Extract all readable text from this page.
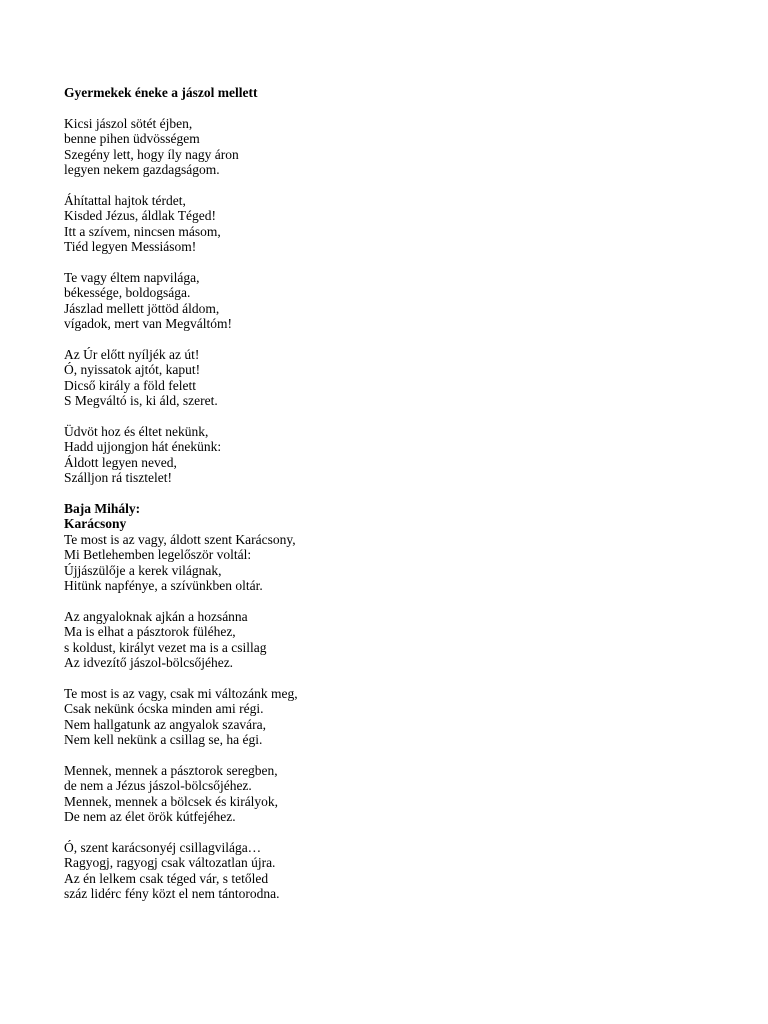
Gyermekek éneke a jászol mellett
Kicsi jászol sötét éjben,
benne pihen üdvösségem
Szegény lett, hogy íly nagy áron
legyen nekem gazdagságom.
Áhítattal hajtok térdet,
Kisded Jézus, áldlak Téged!
Itt a szívem, nincsen másom,
Tiéd legyen Messiásom!
Te vagy éltem napvilága,
békessége, boldogsága.
Jászlad mellett jöttöd áldom,
vígadok, mert van Megváltóm!
Az Úr előtt nyíljék az út!
Ó, nyissatok ajtót, kaput!
Dicső király a föld felett
S Megváltó is, ki áld, szeret.
Üdvöt hoz és éltet nekünk,
Hadd ujjongjon hát énekünk:
Áldott legyen neved,
Szálljon rá tisztelet!
Baja Mihály:
Karácsony
Te most is az vagy, áldott szent Karácsony,
Mi Betlehemben legelőször voltál:
Újjászülője a kerek világnak,
Hitünk napfénye, a szívünkben oltár.
Az angyaloknak ajkán a hozsánna
Ma is elhat a pásztorok füléhez,
s koldust, királyt vezet ma is a csillag
Az idvezítő jászol-bölcsőjéhez.
Te most is az vagy, csak mi változánk meg,
Csak nekünk ócska minden ami régi.
Nem hallgatunk az angyalok szavára,
Nem kell nekünk a csillag se, ha égi.
Mennek, mennek a pásztorok seregben,
de nem a Jézus jászol-bölcsőjéhez.
Mennek, mennek a bölcsek és királyok,
De nem az élet örök kútfejéhez.
Ó, szent karácsonyéj csillagvilága…
Ragyogj, ragyogj csak változatlan újra.
Az én lelkem csak téged vár, s tetőled
száz lidérc fény közt el nem tántorodna.
